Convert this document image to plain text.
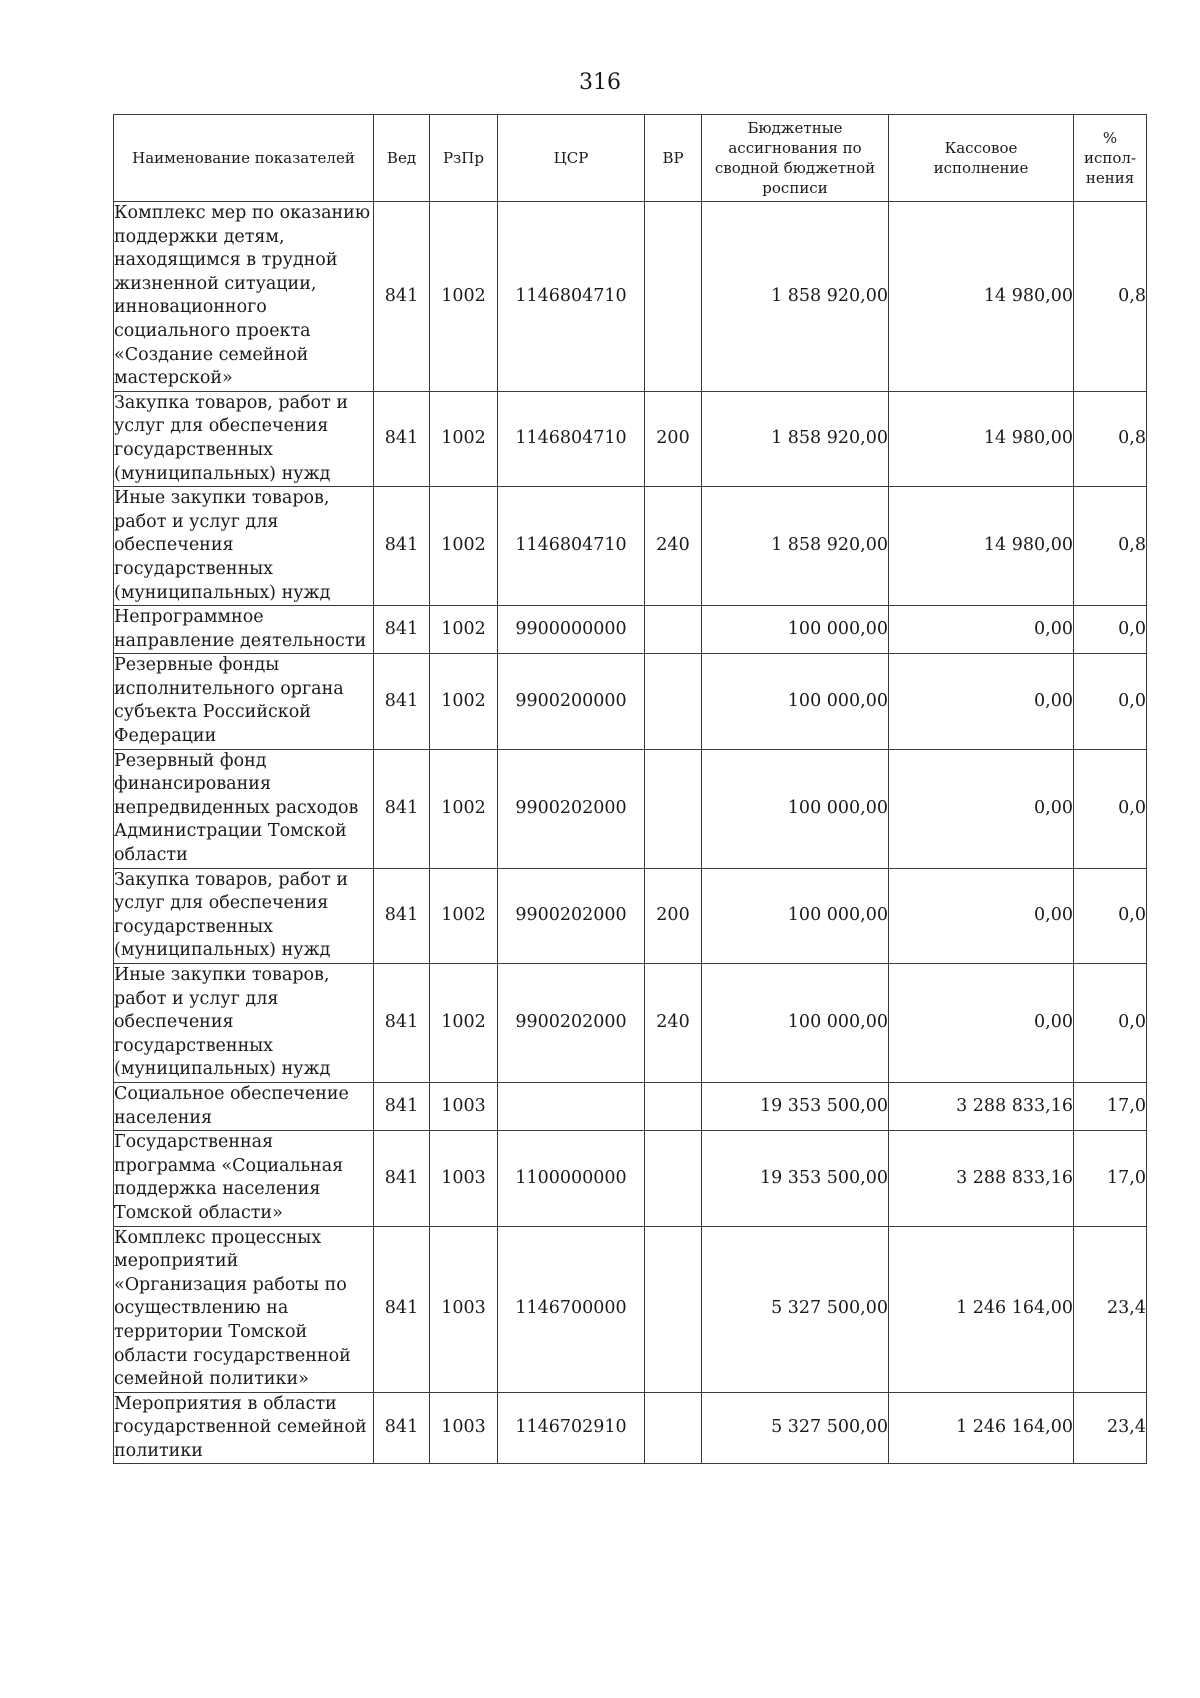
316
Наименование показателей	Вед	РзПр	ЦСР	ВР	Бюджетные ассигнования по сводной бюджетной росписи	Кассовое исполнение	% испол-нения
Комплекс мер по оказанию поддержки детям, находящимся в трудной жизненной ситуации, инновационного социального проекта «Создание семейной мастерской»	841	1002	1146804710		1 858 920,00	14 980,00	0,8
Закупка товаров, работ и услуг для обеспечения государственных (муниципальных) нужд	841	1002	1146804710	200	1 858 920,00	14 980,00	0,8
Иные закупки товаров, работ и услуг для обеспечения государственных (муниципальных) нужд	841	1002	1146804710	240	1 858 920,00	14 980,00	0,8
Непрограммное направление деятельности	841	1002	9900000000		100 000,00	0,00	0,0
Резервные фонды исполнительного органа субъекта Российской Федерации	841	1002	9900200000		100 000,00	0,00	0,0
Резервный фонд финансирования непредвиденных расходов Администрации Томской области	841	1002	9900202000		100 000,00	0,00	0,0
Закупка товаров, работ и услуг для обеспечения государственных (муниципальных) нужд	841	1002	9900202000	200	100 000,00	0,00	0,0
Иные закупки товаров, работ и услуг для обеспечения государственных (муниципальных) нужд	841	1002	9900202000	240	100 000,00	0,00	0,0
Социальное обеспечение населения	841	1003			19 353 500,00	3 288 833,16	17,0
Государственная программа «Социальная поддержка населения Томской области»	841	1003	1100000000		19 353 500,00	3 288 833,16	17,0
Комплекс процессных мероприятий «Организация работы по осуществлению на территории Томской области государственной семейной политики»	841	1003	1146700000		5 327 500,00	1 246 164,00	23,4
Мероприятия в области государственной семейной политики	841	1003	1146702910		5 327 500,00	1 246 164,00	23,4
